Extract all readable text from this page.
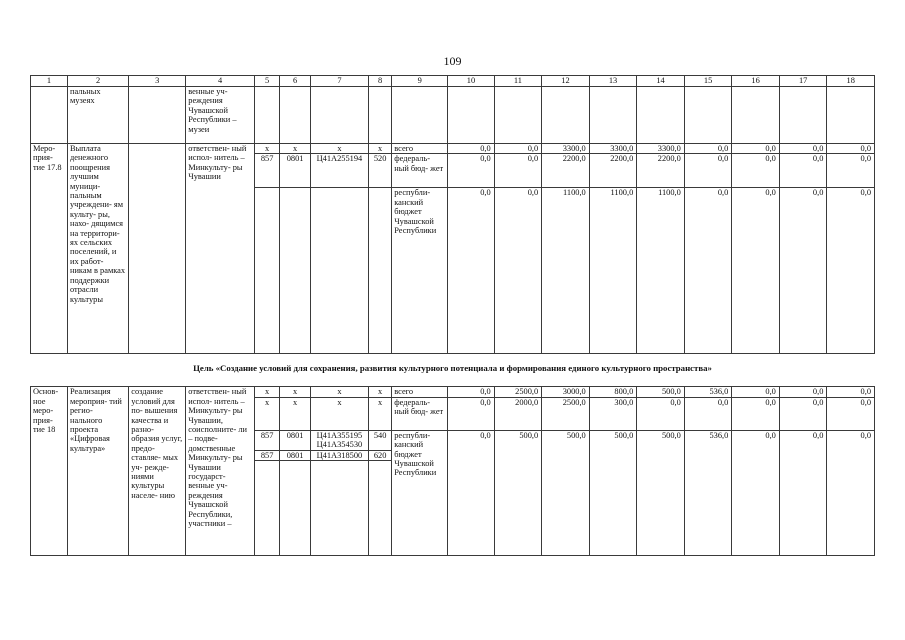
109
1	2	3	4	5	6	7	8	9	10	11	12	13	14	15	16	17	18
	пальных музеях		венные уч- реждения Чувашской Республики – музеи														
Меро- прия- тие 17.8	Выплата денежного поощрения лучшим муници- пальным учреждени- ям культу- ры, нахо- дящимся на территори- ях сельских поселений, и их работ- никам в рамках поддержки отрасли культуры		ответствен- ный испол- нитель – Минкульту- ры Чувашии	x	x	x	x	всего	0,0	0,0	3300,0	3300,0	3300,0	0,0	0,0	0,0	0,0
				857	0801	Ц41А255194	520	федераль- ный бюд- жет	0,0	0,0	2200,0	2200,0	2200,0	0,0	0,0	0,0	0,0
								республи- канский бюджет Чувашской Республики	0,0	0,0	1100,0	1100,0	1100,0	0,0	0,0	0,0	0,0

Цель «Создание условий для сохранения, развития культурного потенциала и формирования единого культурного пространства»																	

Основ- ное меро- прия- тие 18	Реализация мероприя- тий регио- нального проекта «Цифровая культура»	создание условий для по- вышения качества и разно- образия услуг, предо- ставляе- мых уч- режде- ниями культуры населе- нию	ответствен- ный испол- нитель – Минкульту- ры Чувашии, соисполните- ли – подве- домственные Минкульту- ры Чувашии государст- венные уч- реждения Чувашской Республики, участники –	x	x	x	x	всего	0,0	2500,0	3000,0	800,0	500,0	536,0	0,0	0,0	0,0
				x	x	x	x	федераль- ный бюд- жет	0,0	2000,0	2500,0	300,0	0,0	0,0	0,0	0,0	0,0
				857	0801	Ц41А355195 Ц41А354530	540	республи- канский бюджет Чувашской Республики	0,0	500,0	500,0	500,0	500,0	536,0	0,0	0,0	0,0
				857	0801	Ц41А318500	620										
